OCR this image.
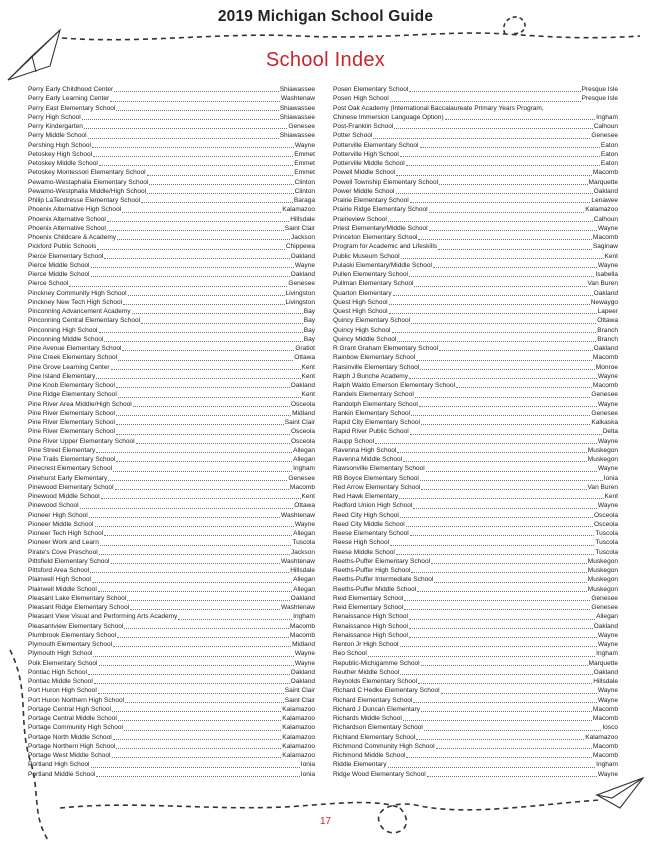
2019 Michigan School Guide
School Index
Perry Early Childhood Center	Shiawassee
Perry Early Learning Center	Washtenaw
Perry East Elementary School	Shiawassee
Perry High School	Shiawassee
Perry Kindergarten	Genesee
Perry Middle School	Shiawassee
Pershing High School	Wayne
Petoskey High School	Emmet
Petoskey Middle School	Emmet
Petoskey Montessori Elementary School	Emmet
Pewamo-Westaphalia Elementary School	Clinton
Pewamo-Westphalia Middle/High School	Clinton
Philip LaTendresse Elementary School	Baraga
Phoenix Alternative High School	Kalamazoo
Phoenix Alternative School	Hillsdale
Phoenix Alternative School	Saint Clair
Phoenix Childcare & Academy	Jackson
Pickford Public Schools	Chippewa
Pierce Elementary School	Oakland
Pierce Middle School	Wayne
Pierce Middle School	Oakland
Pierce School	Genesee
Pinckney Community High School	Livingston
Pinckney New Tech High School	Livingston
Pinconning Advancement Academy	Bay
Pinconning Central Elementary School	Bay
Pinconning High School	Bay
Pinconning Middle School	Bay
Pine Avenue Elementary School	Gratiot
Pine Creek Elementary School	Ottawa
Pine Grove Learning Center	Kent
Pine Island Elementary	Kent
Pine Knob Elementary School	Oakland
Pine Ridge Elementary School	Kent
Pine River Area Middle/High School	Osceola
Pine River Elementary School	Midland
Pine River Elementary School	Saint Clair
Pine River Elementary School	Osceola
Pine River Upper Elementary School	Osceola
Pine Street Elementary	Allegan
Pine Trails Elementary School	Allegan
Pinecrest Elementary School	Ingham
Pinehurst Early Elementary	Genesee
Pinewood Elementary School	Macomb
Pinewood Middle School	Kent
Pinewood School	Ottawa
Pioneer High School	Washtenaw
Pioneer Middle School	Wayne
Pioneer Tech High School	Allegan
Pioneer Work and Learn	Tuscola
Pirate's Cove Preschool	Jackson
Pittsfield Elementary School	Washtenaw
Pittsford Area School	Hillsdale
Plainwell High School	Allegan
Plainwell Middle School	Allegan
Pleasant Lake Elementary School	Oakland
Pleasant Ridge Elementary School	Washtenaw
Pleasant View Visual and Performing Arts Academy	Ingham
Pleasantview Elementary School	Macomb
Plumbrook Elementary School	Macomb
Plymouth Elementary School	Midland
Plymouth High School	Wayne
Polk Elementary School	Wayne
Pontiac High School	Oakland
Pontiac Middle School	Oakland
Port Huron High School	Saint Clair
Port Huron Northern High School	Saint Clair
Portage Central High School	Kalamazoo
Portage Central Middle School	Kalamazoo
Portage Community High School	Kalamazoo
Portage North Middle School	Kalamazoo
Portage Northern High School	Kalamazoo
Portage West Middle School	Kalamazoo
Portland High School	Ionia
Portland Middle School	Ionia
Posen Elementary School	Presque Isle
Posen High School	Presque Isle
Post Oak Academy (International Baccalaureate Primary Years Program,
Chinese Immersion Language Option)	Ingham
Post-Franklin School	Calhoun
Potter School	Genesee
Potterville Elementary School	Eaton
Potterville High School	Eaton
Potterville Middle School	Eaton
Powell Middle School	Macomb
Powell Township Elementary School	Marquette
Power Middle School	Oakland
Prairie Elementary School	Lenawee
Prairie Ridge Elementary School	Kalamazoo
Prairieview School	Calhoun
Priest Elementary/Middle School	Wayne
Princeton Elementary School	Macomb
Program for Academic and Lifeskills	Saginaw
Public Museum School	Kent
Pulaski Elementary/Middle School	Wayne
Pullen Elementary School	Isabella
Pullman Elementary School	Van Buren
Quarton Elementary	Oakland
Quest High School	Newaygo
Quest High School	Lapeer
Quincy Elementary School	Ottawa
Quincy High School	Branch
Quincy Middle School	Branch
R Grant Graham Elementary School	Oakland
Rainbow Elementary School	Macomb
Raisinville Elementary School	Monroe
Ralph J Bunche Academy	Wayne
Ralph Waldo Emerson Elementary School	Macomb
Randels Elementary School	Genesee
Randolph Elementary School	Wayne
Rankin Elementary School	Genesee
Rapid City Elementary School	Kalkaska
Rapid River Public School	Delta
Raupp School	Wayne
Ravenna High School	Muskegon
Ravenna Middle School	Muskegon
Rawsonville Elementary School	Wayne
RB Boyce Elementary School	Ionia
Red Arrow Elementary School	Van Buren
Red Hawk Elementary	Kent
Redford Union High School	Wayne
Reed City High School	Osceola
Reed City Middle School	Osceola
Reese Elementary School	Tuscola
Reese High School	Tuscola
Reese Middle School	Tuscola
Reeths-Puffer Elementary School	Muskegon
Reeths-Puffer High School	Muskegon
Reeths-Puffer Intermediate School	Muskegon
Reeths-Puffer Middle School	Muskegon
Reid Elementary School	Genesee
Reid Elementary School	Genesee
Renaissance High School	Allegan
Renaissance High School	Oakland
Renaissance High School	Wayne
Renton Jr High School	Wayne
Reo School	Ingham
Republic-Michigamme School	Marquette
Reuther Middle School	Oakland
Reynolds Elementary School	Hillsdale
Richard C Hedke Elementary School	Wayne
Richard Elementary School	Wayne
Richard J Duncan Elementary	Macomb
Richards Middle School	Macomb
Richardson Elementary School	Iosco
Richland Elementary School	Kalamazoo
Richmond Community High School	Macomb
Richmond Middle School	Macomb
Riddle Elementary	Ingham
Ridge Wood Elementary School	Wayne
17
